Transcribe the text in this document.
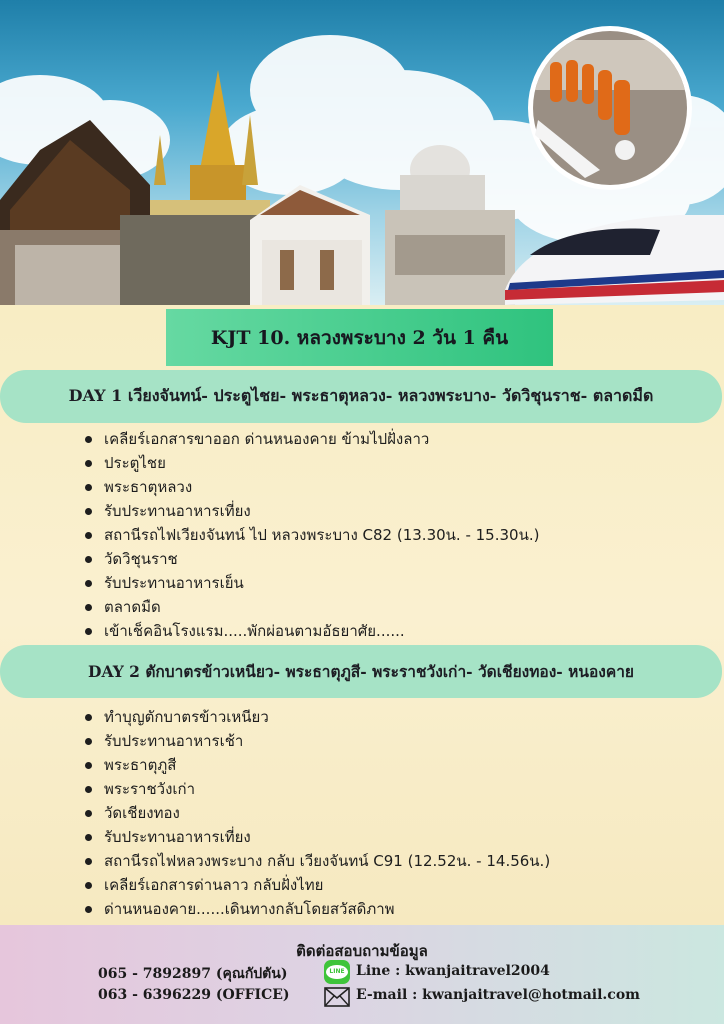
KJT 10. หลวงพระบาง 2 วัน 1 คืน
DAY 1 เวียงจันทน์- ประตูไชย- พระธาตุหลวง- หลวงพระบาง- วัดวิชุนราช- ตลาดมืด
เคลียร์เอกสารขาออก ด่านหนองคาย ข้ามไปฝั่งลาว
ประตูไชย
พระธาตุหลวง
รับประทานอาหารเที่ยง
สถานีรถไฟเวียงจันทน์ ไป หลวงพระบาง C82 (13.30น. - 15.30น.)
วัดวิชุนราช
รับประทานอาหารเย็น
ตลาดมืด
เข้าเช็คอินโรงแรม.....พักผ่อนตามอัธยาศัย......
DAY 2 ตักบาตรข้าวเหนียว- พระธาตุภูสี- พระราชวังเก่า- วัดเชียงทอง- หนองคาย
ทำบุญตักบาตรข้าวเหนียว
รับประทานอาหารเช้า
พระธาตุภูสี
พระราชวังเก่า
วัดเชียงทอง
รับประทานอาหารเที่ยง
สถานีรถไฟหลวงพระบาง กลับ เวียงจันทน์ C91 (12.52น. - 14.56น.)
เคลียร์เอกสารด่านลาว กลับฝั่งไทย
ด่านหนองคาย......เดินทางกลับโดยสวัสดิภาพ
ติดต่อสอบถามข้อมูล
065 - 7892897 (คุณกัปตัน)
063 - 6396229 (OFFICE)
LINE Line : kwanjaitravel2004
E-mail : kwanjaitravel@hotmail.com
